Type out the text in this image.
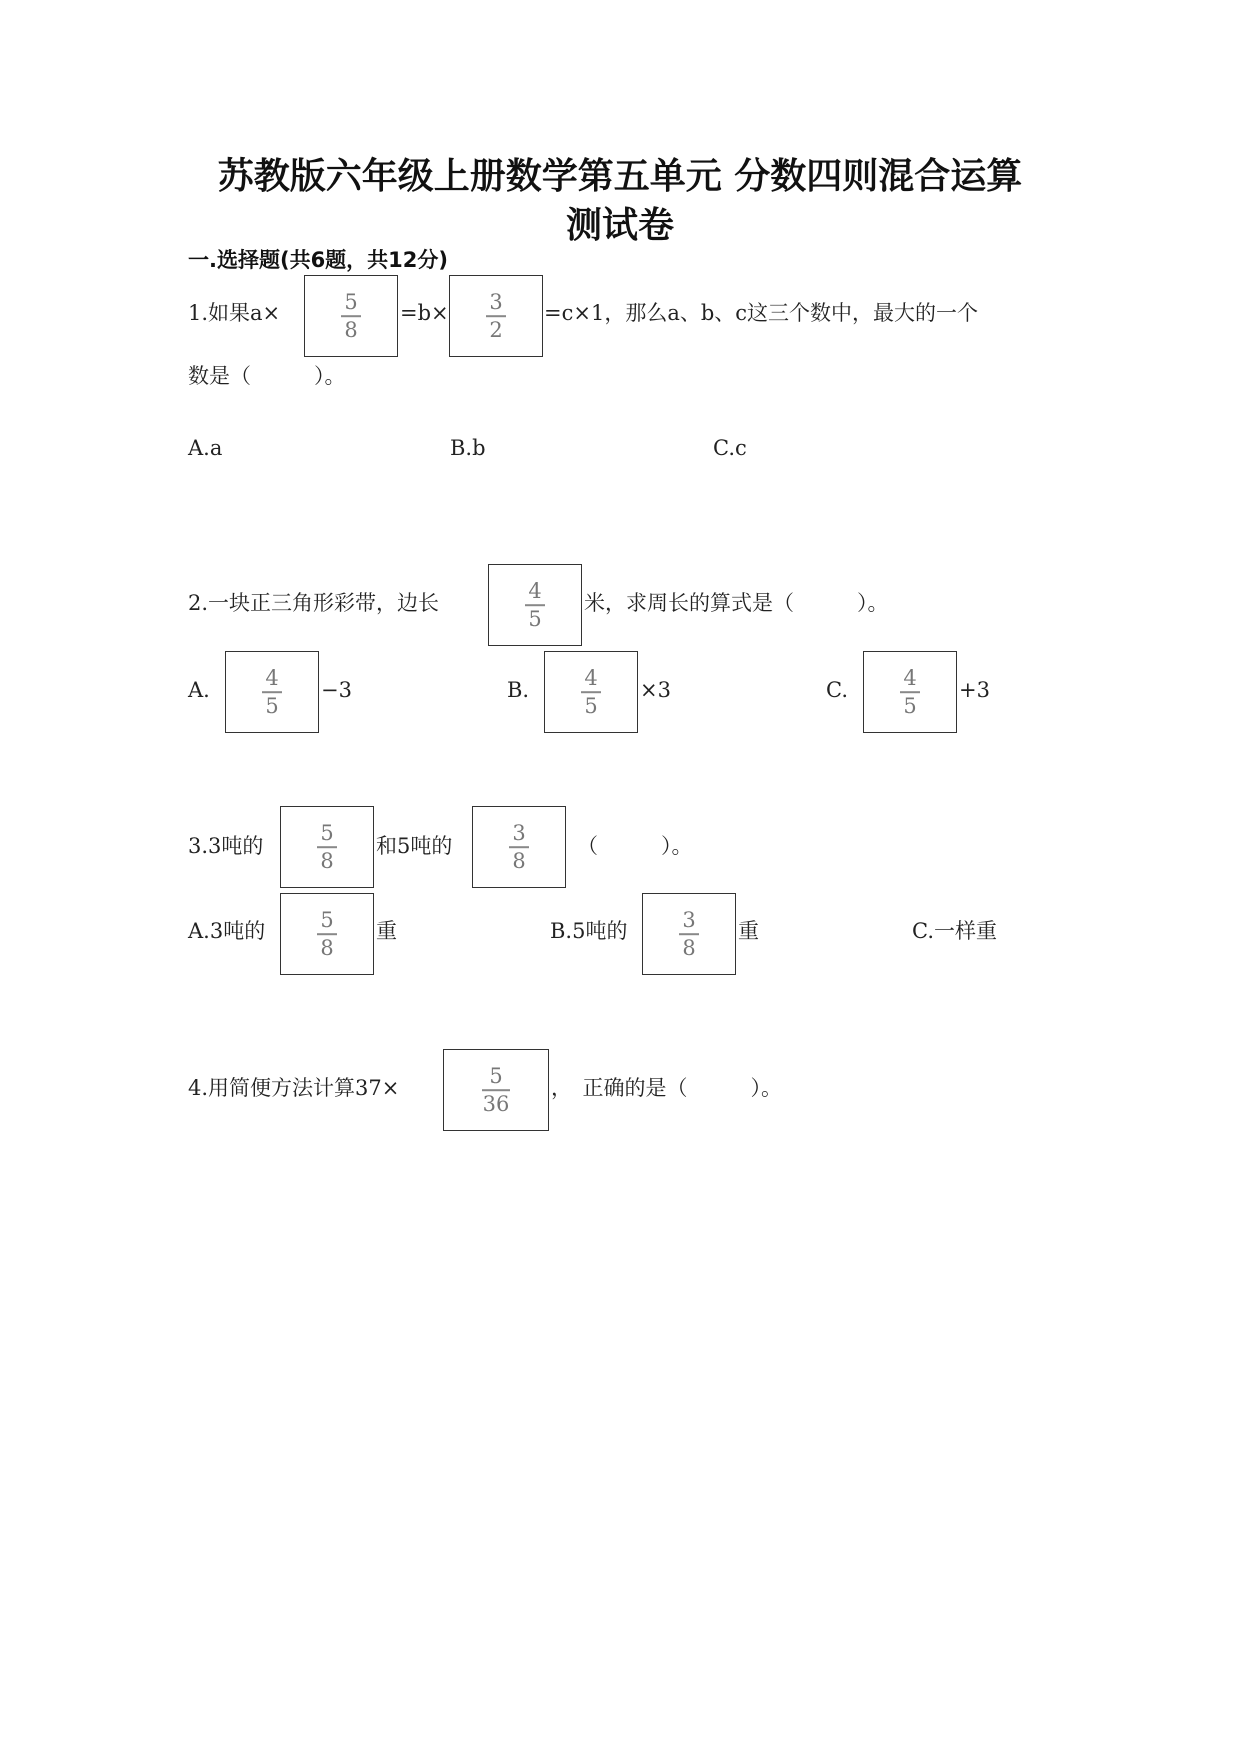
苏教版六年级上册数学第五单元 分数四则混合运算
测试卷
一.选择题(共6题，共12分)
1.如果a×	5
8
=b× 3
2
=c×1，那么a、b、c这三个数中，最大的一个
数是（　　　）。
A.a	B.b	C.c
2.一块正三角形彩带，边长	4
5
米，求周长的算式是（　　　）。
A.	4
5
−3	B.	4
5
×3	C.	4
5
+3
3.3吨的
5
8
和5吨的
3
8
（　　　）。
A.3吨的	5
8
重	B.5吨的	3
8
重	C.一样重
4.用简便方法计算37×	5
36
，　正确的是（　　　）。
